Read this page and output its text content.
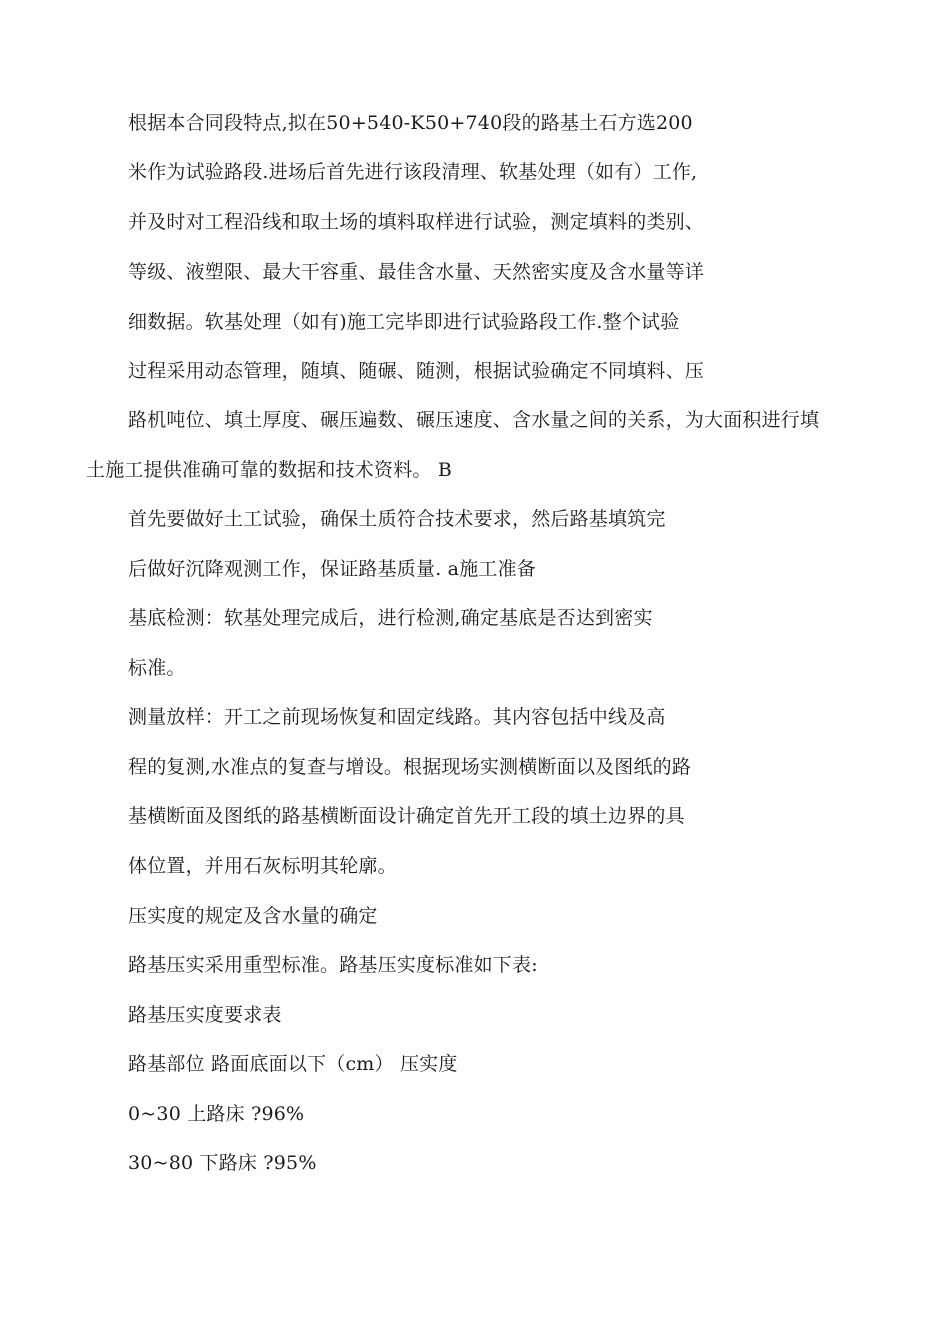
根据本合同段特点,拟在50+540-K50+740段的路基土石方选200
米作为试验路段.进场后首先进行该段清理、软基处理（如有）工作,
并及时对工程沿线和取土场的填料取样进行试验，测定填料的类别、
等级、液塑限、最大干容重、最佳含水量、天然密实度及含水量等详
细数据。软基处理（如有)施工完毕即进行试验路段工作.整个试验
过程采用动态管理，随填、随碾、随测，根据试验确定不同填料、压
路机吨位、填土厚度、碾压遍数、碾压速度、含水量之间的关系，为大面积进行填
土施工提供准确可靠的数据和技术资料。 B
首先要做好土工试验，确保土质符合技术要求，然后路基填筑完
后做好沉降观测工作，保证路基质量. a施工准备
基底检测：软基处理完成后，进行检测,确定基底是否达到密实
标准。
测量放样：开工之前现场恢复和固定线路。其内容包括中线及高
程的复测,水准点的复查与增设。根据现场实测横断面以及图纸的路
基横断面及图纸的路基横断面设计确定首先开工段的填土边界的具
体位置，并用石灰标明其轮廓。
压实度的规定及含水量的确定
路基压实采用重型标准。路基压实度标准如下表:
路基压实度要求表
路基部位 路面底面以下（cm） 压实度
0~30 上路床 ?96%
30~80 下路床 ?95%
